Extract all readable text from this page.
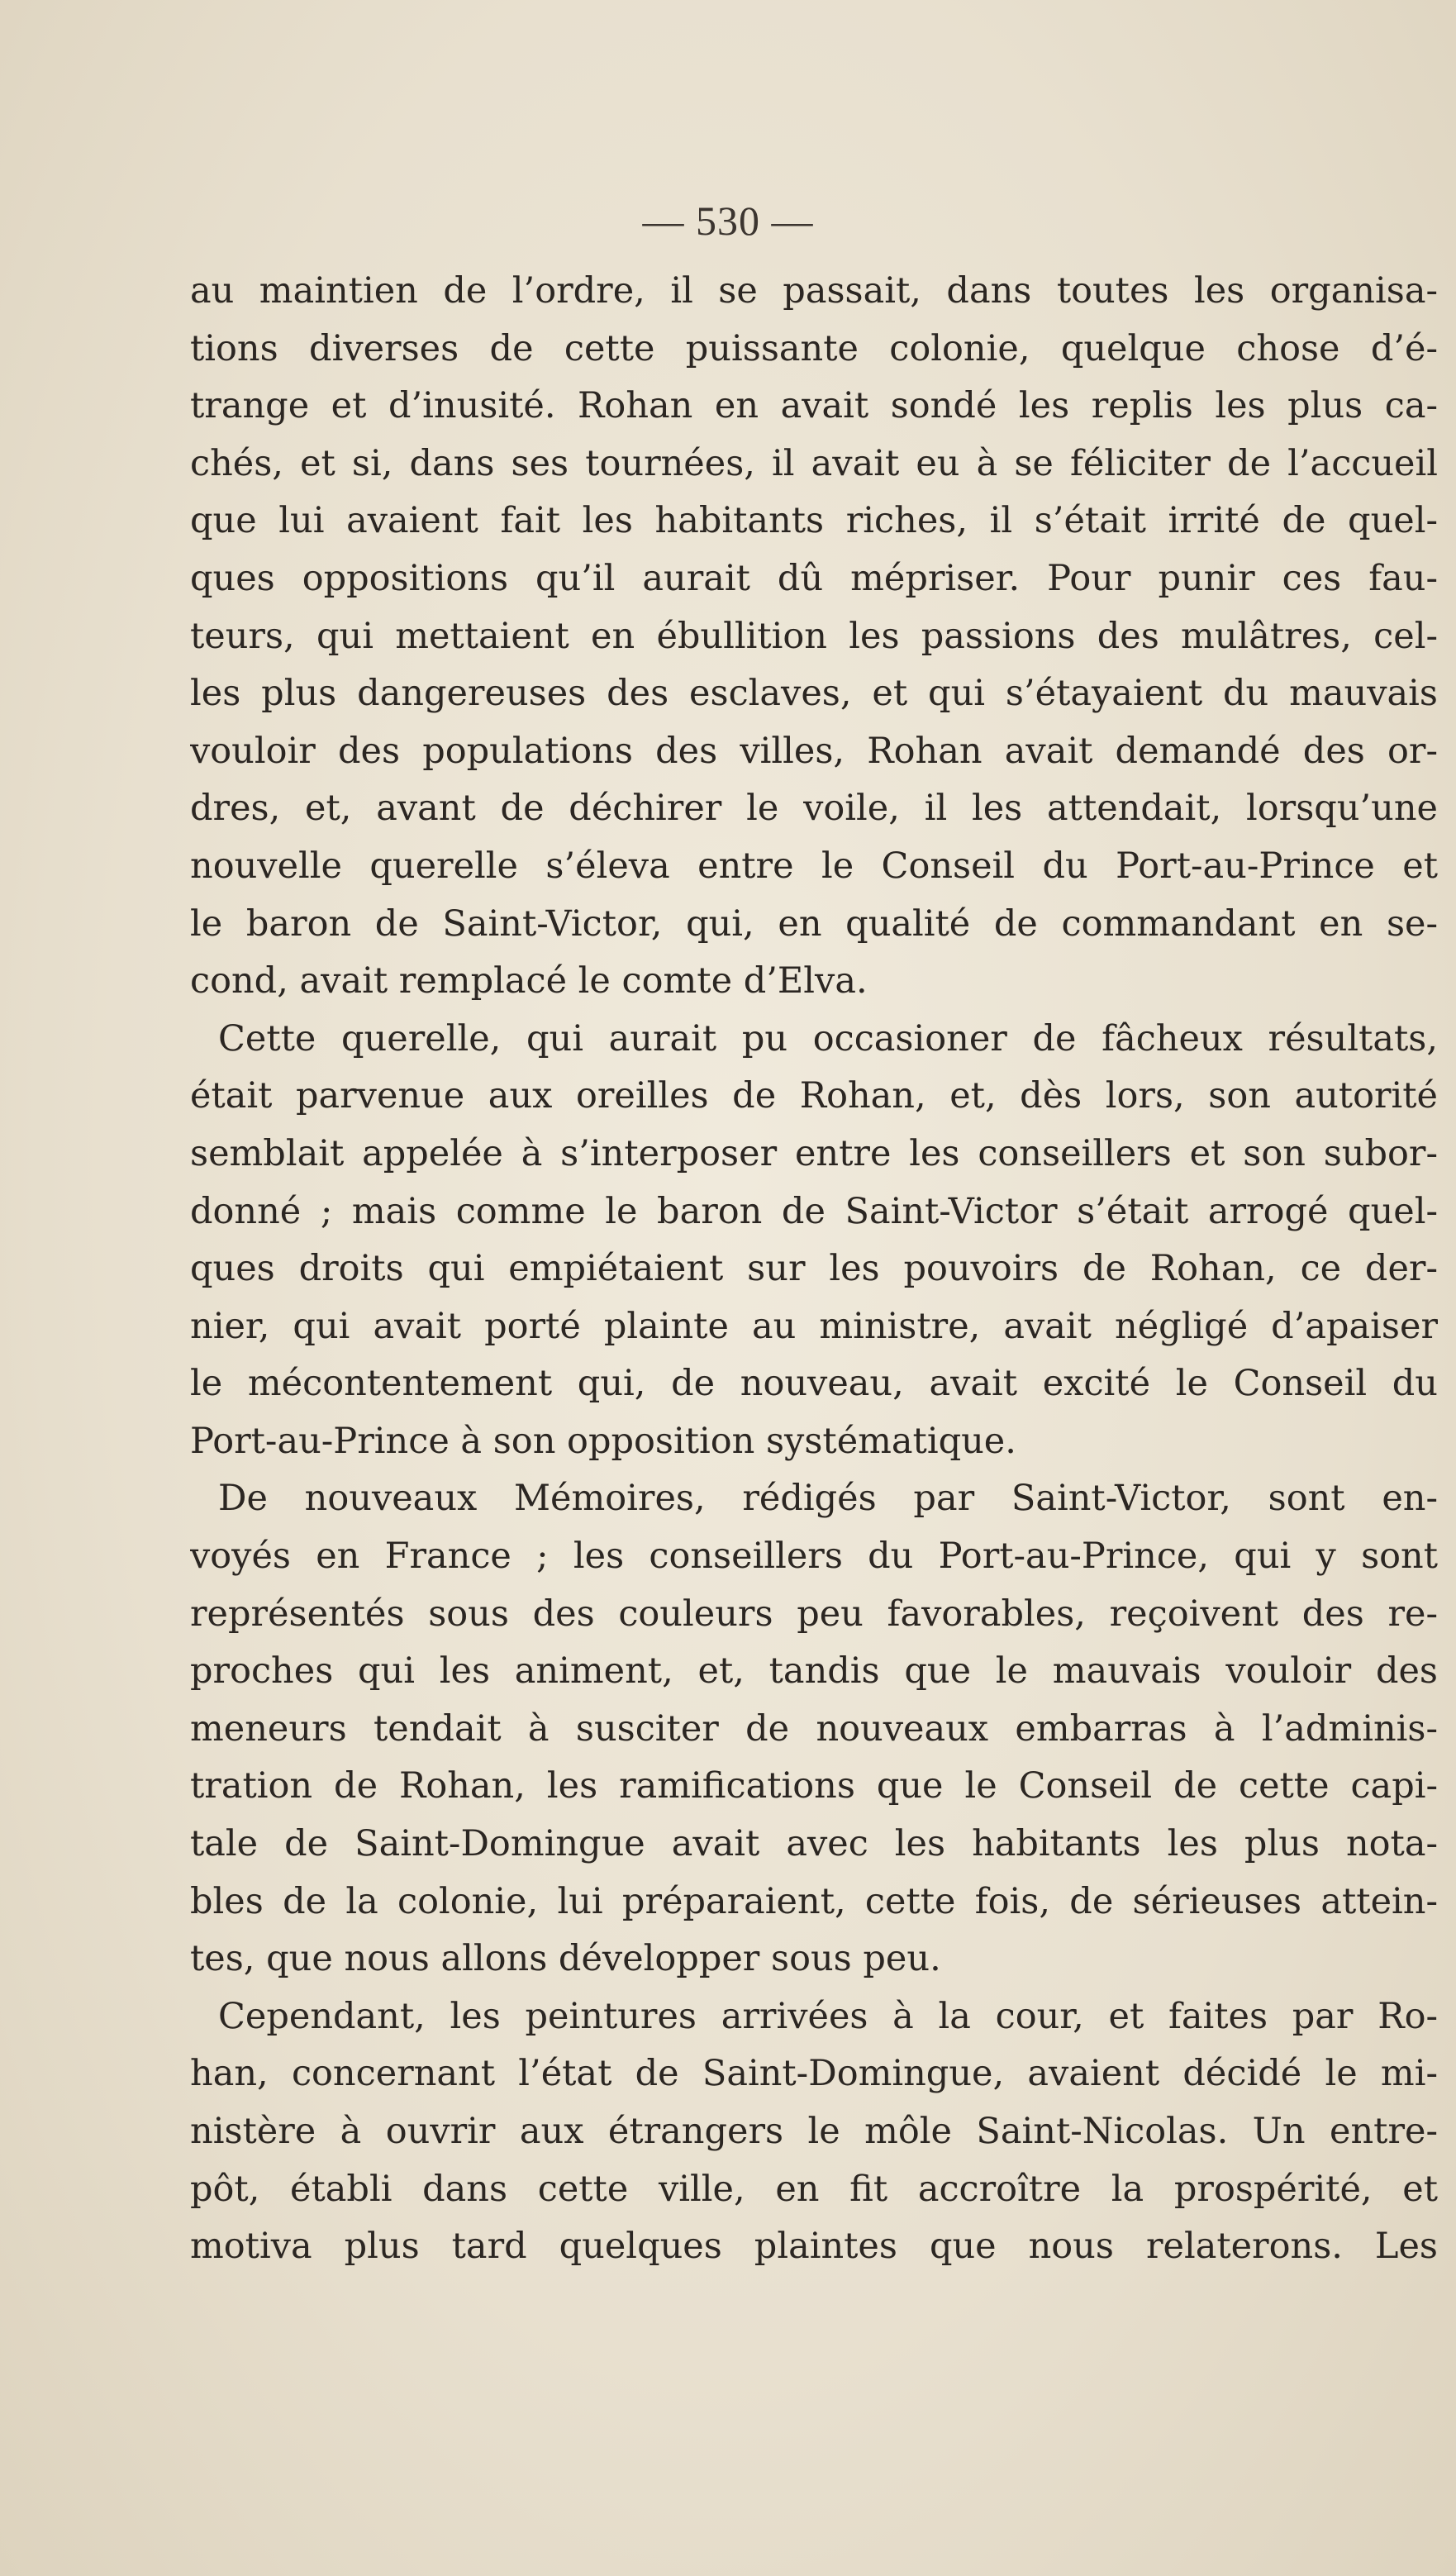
— 530 —
au maintien de l’ordre, il se passait, dans toutes les organisa-
tions diverses de cette puissante colonie, quelque chose d’é-
trange et d’inusité. Rohan en avait sondé les replis les plus ca-
chés, et si, dans ses tournées, il avait eu à se féliciter de l’accueil
que lui avaient fait les habitants riches, il s’était irrité de quel-
ques oppositions qu’il aurait dû mépriser. Pour punir ces fau-
teurs, qui mettaient en ébullition les passions des mulâtres, cel-
les plus dangereuses des esclaves, et qui s’étayaient du mauvais
vouloir des populations des villes, Rohan avait demandé des or-
dres, et, avant de déchirer le voile, il les attendait, lorsqu’une
nouvelle querelle s’éleva entre le Conseil du Port-au-Prince et
le baron de Saint-Victor, qui, en qualité de commandant en se-
cond, avait remplacé le comte d’Elva.
Cette querelle, qui aurait pu occasioner de fâcheux résultats,
était parvenue aux oreilles de Rohan, et, dès lors, son autorité
semblait appelée à s’interposer entre les conseillers et son subor-
donné ; mais comme le baron de Saint-Victor s’était arrogé quel-
ques droits qui empiétaient sur les pouvoirs de Rohan, ce der-
nier, qui avait porté plainte au ministre, avait négligé d’apaiser
le mécontentement qui, de nouveau, avait excité le Conseil du
Port-au-Prince à son opposition systématique.
De nouveaux Mémoires, rédigés par Saint-Victor, sont en-
voyés en France ; les conseillers du Port-au-Prince, qui y sont
représentés sous des couleurs peu favorables, reçoivent des re-
proches qui les animent, et, tandis que le mauvais vouloir des
meneurs tendait à susciter de nouveaux embarras à l’adminis-
tration de Rohan, les ramifications que le Conseil de cette capi-
tale de Saint-Domingue avait avec les habitants les plus nota-
bles de la colonie, lui préparaient, cette fois, de sérieuses attein-
tes, que nous allons développer sous peu.
Cependant, les peintures arrivées à la cour, et faites par Ro-
han, concernant l’état de Saint-Domingue, avaient décidé le mi-
nistère à ouvrir aux étrangers le môle Saint-Nicolas. Un entre-
pôt, établi dans cette ville, en fit accroître la prospérité, et
motiva plus tard quelques plaintes que nous relaterons. Les
